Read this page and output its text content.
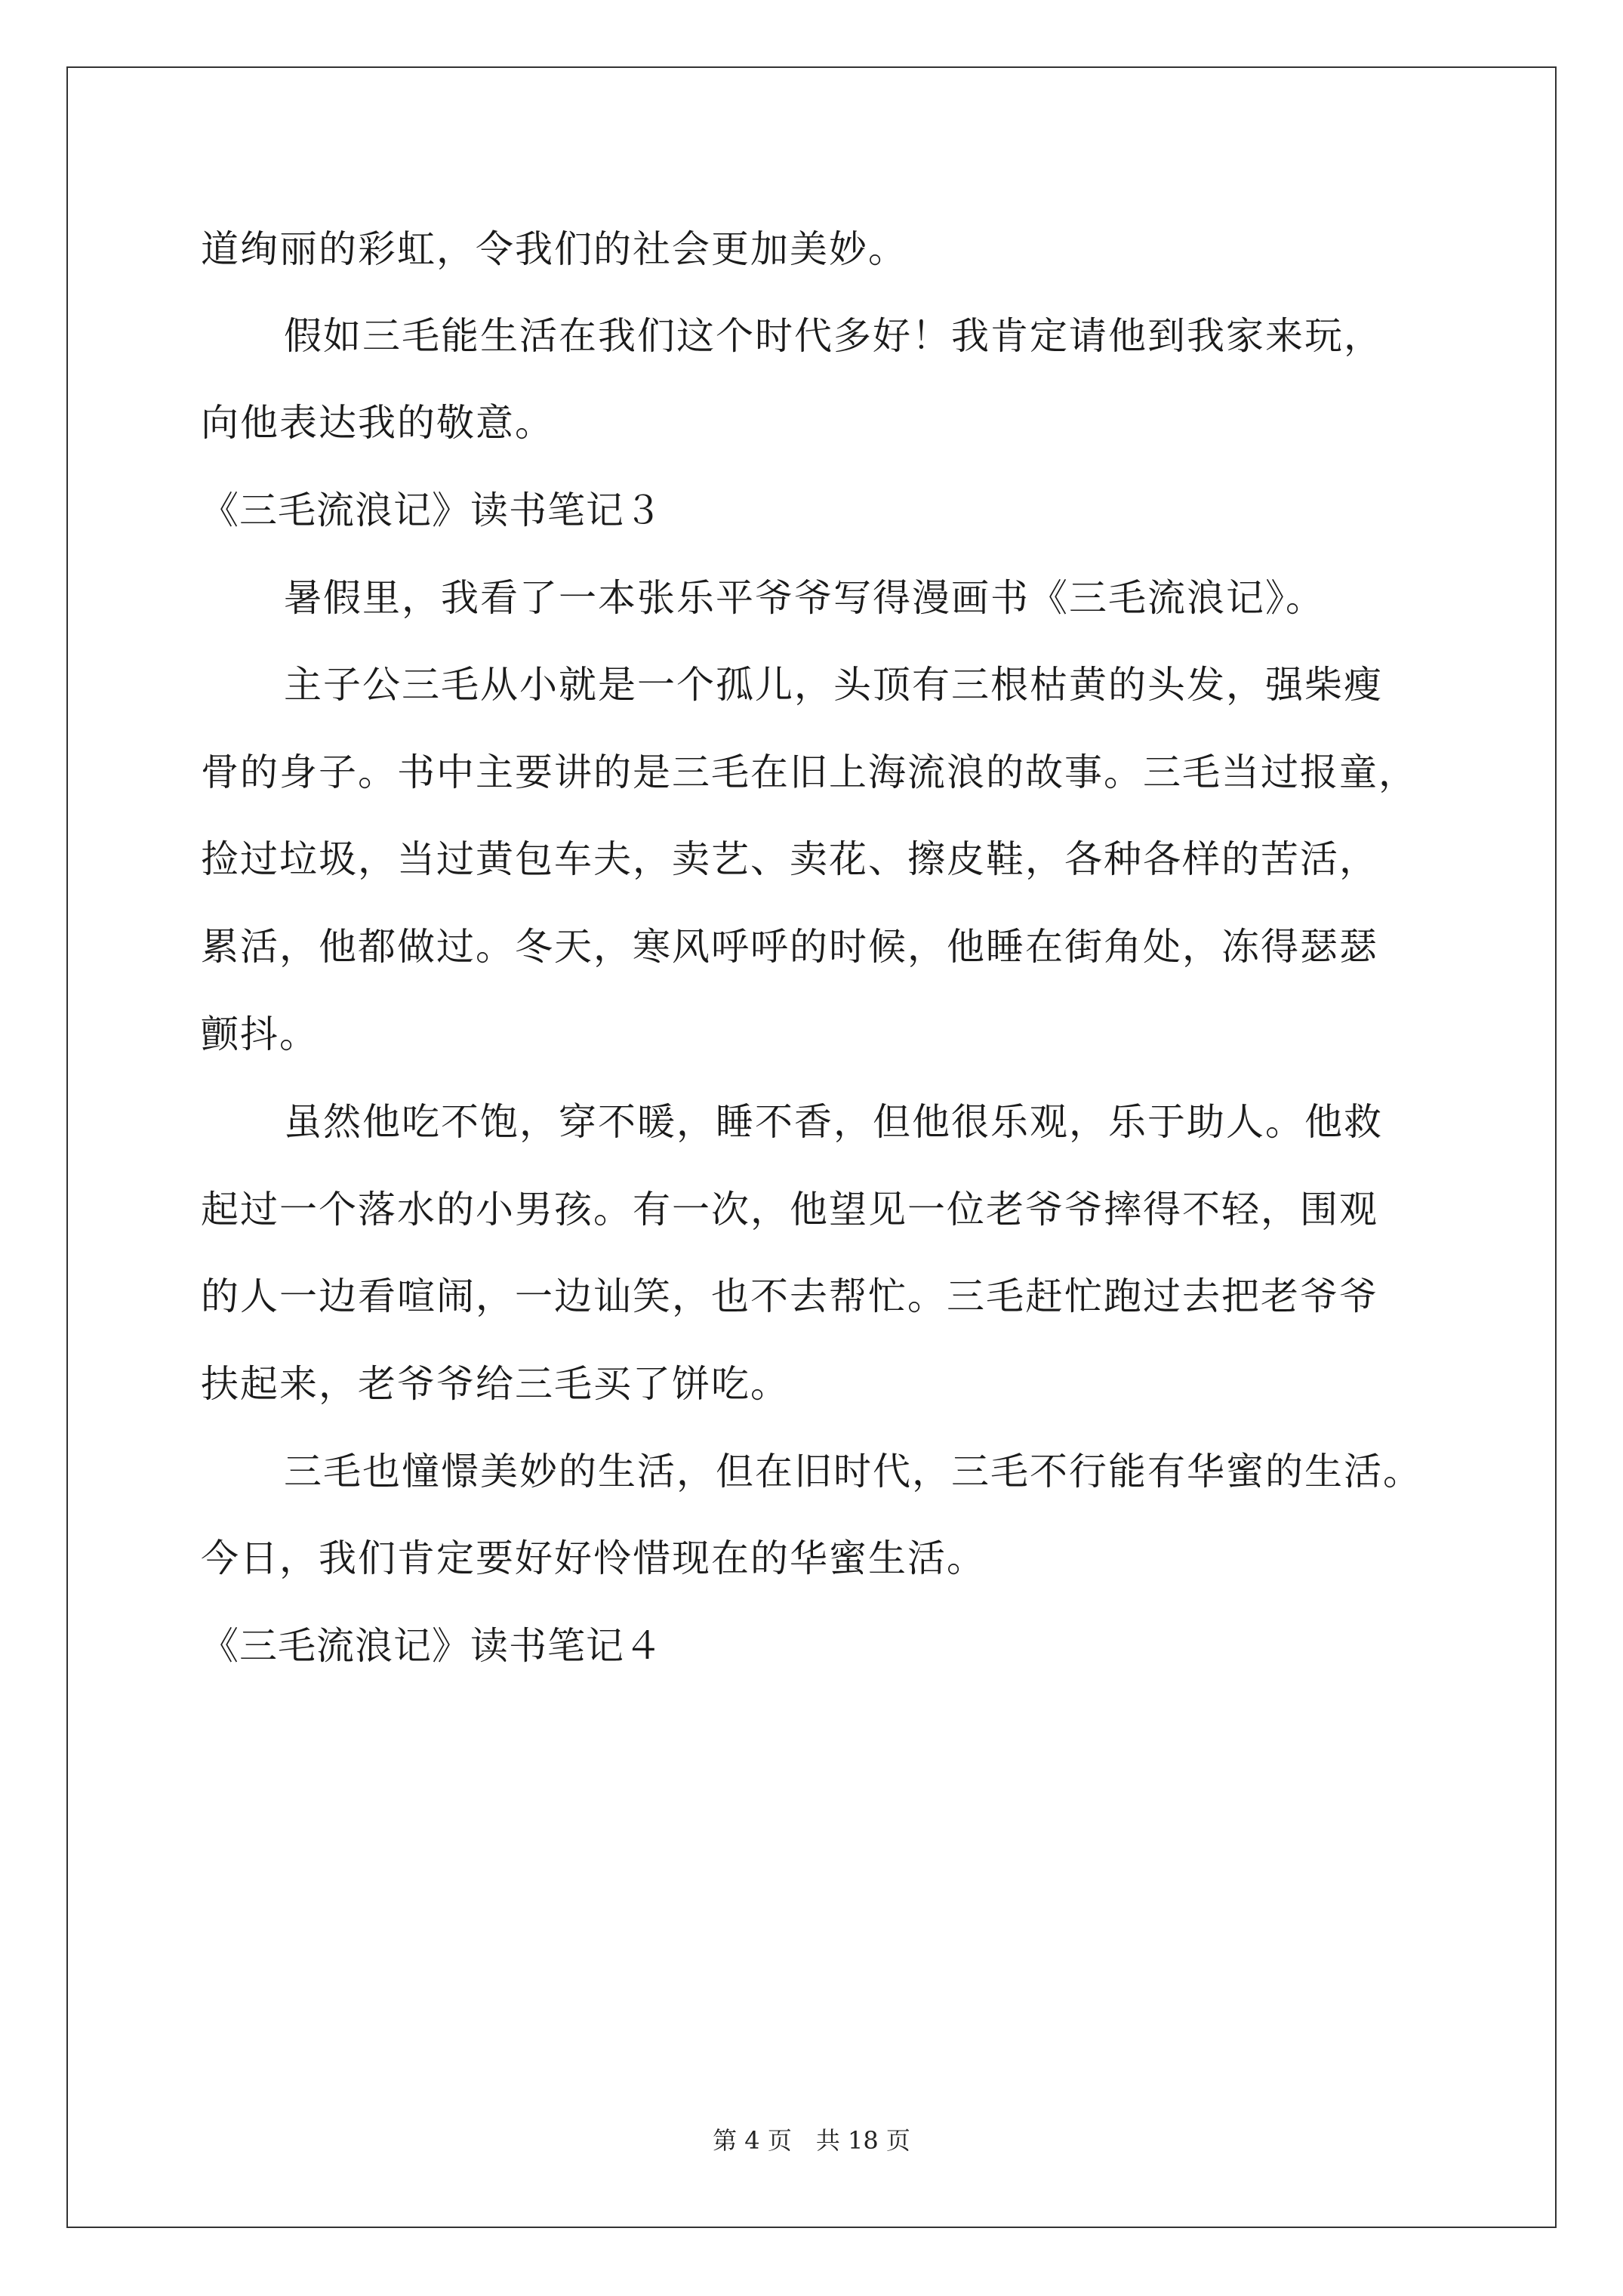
道绚丽的彩虹，令我们的社会更加美妙。
假如三毛能生活在我们这个时代多好！我肯定请他到我家来玩，
向他表达我的敬意。
《三毛流浪记》读书笔记３
暑假里，我看了一本张乐平爷爷写得漫画书《三毛流浪记》。
主子公三毛从小就是一个孤儿，头顶有三根枯黄的头发，强柴瘦
骨的身子。书中主要讲的是三毛在旧上海流浪的故事。三毛当过报童，
捡过垃圾，当过黄包车夫，卖艺、卖花、擦皮鞋，各种各样的苦活，
累活，他都做过。冬天，寒风呼呼的时候，他睡在街角处，冻得瑟瑟
颤抖。
虽然他吃不饱，穿不暖，睡不香，但他很乐观，乐于助人。他救
起过一个落水的小男孩。有一次，他望见一位老爷爷摔得不轻，围观
的人一边看喧闹，一边讪笑，也不去帮忙。三毛赶忙跑过去把老爷爷
扶起来，老爷爷给三毛买了饼吃。
三毛也憧憬美妙的生活，但在旧时代，三毛不行能有华蜜的生活。
今日，我们肯定要好好怜惜现在的华蜜生活。
《三毛流浪记》读书笔记４
第 4 页　共 18 页
